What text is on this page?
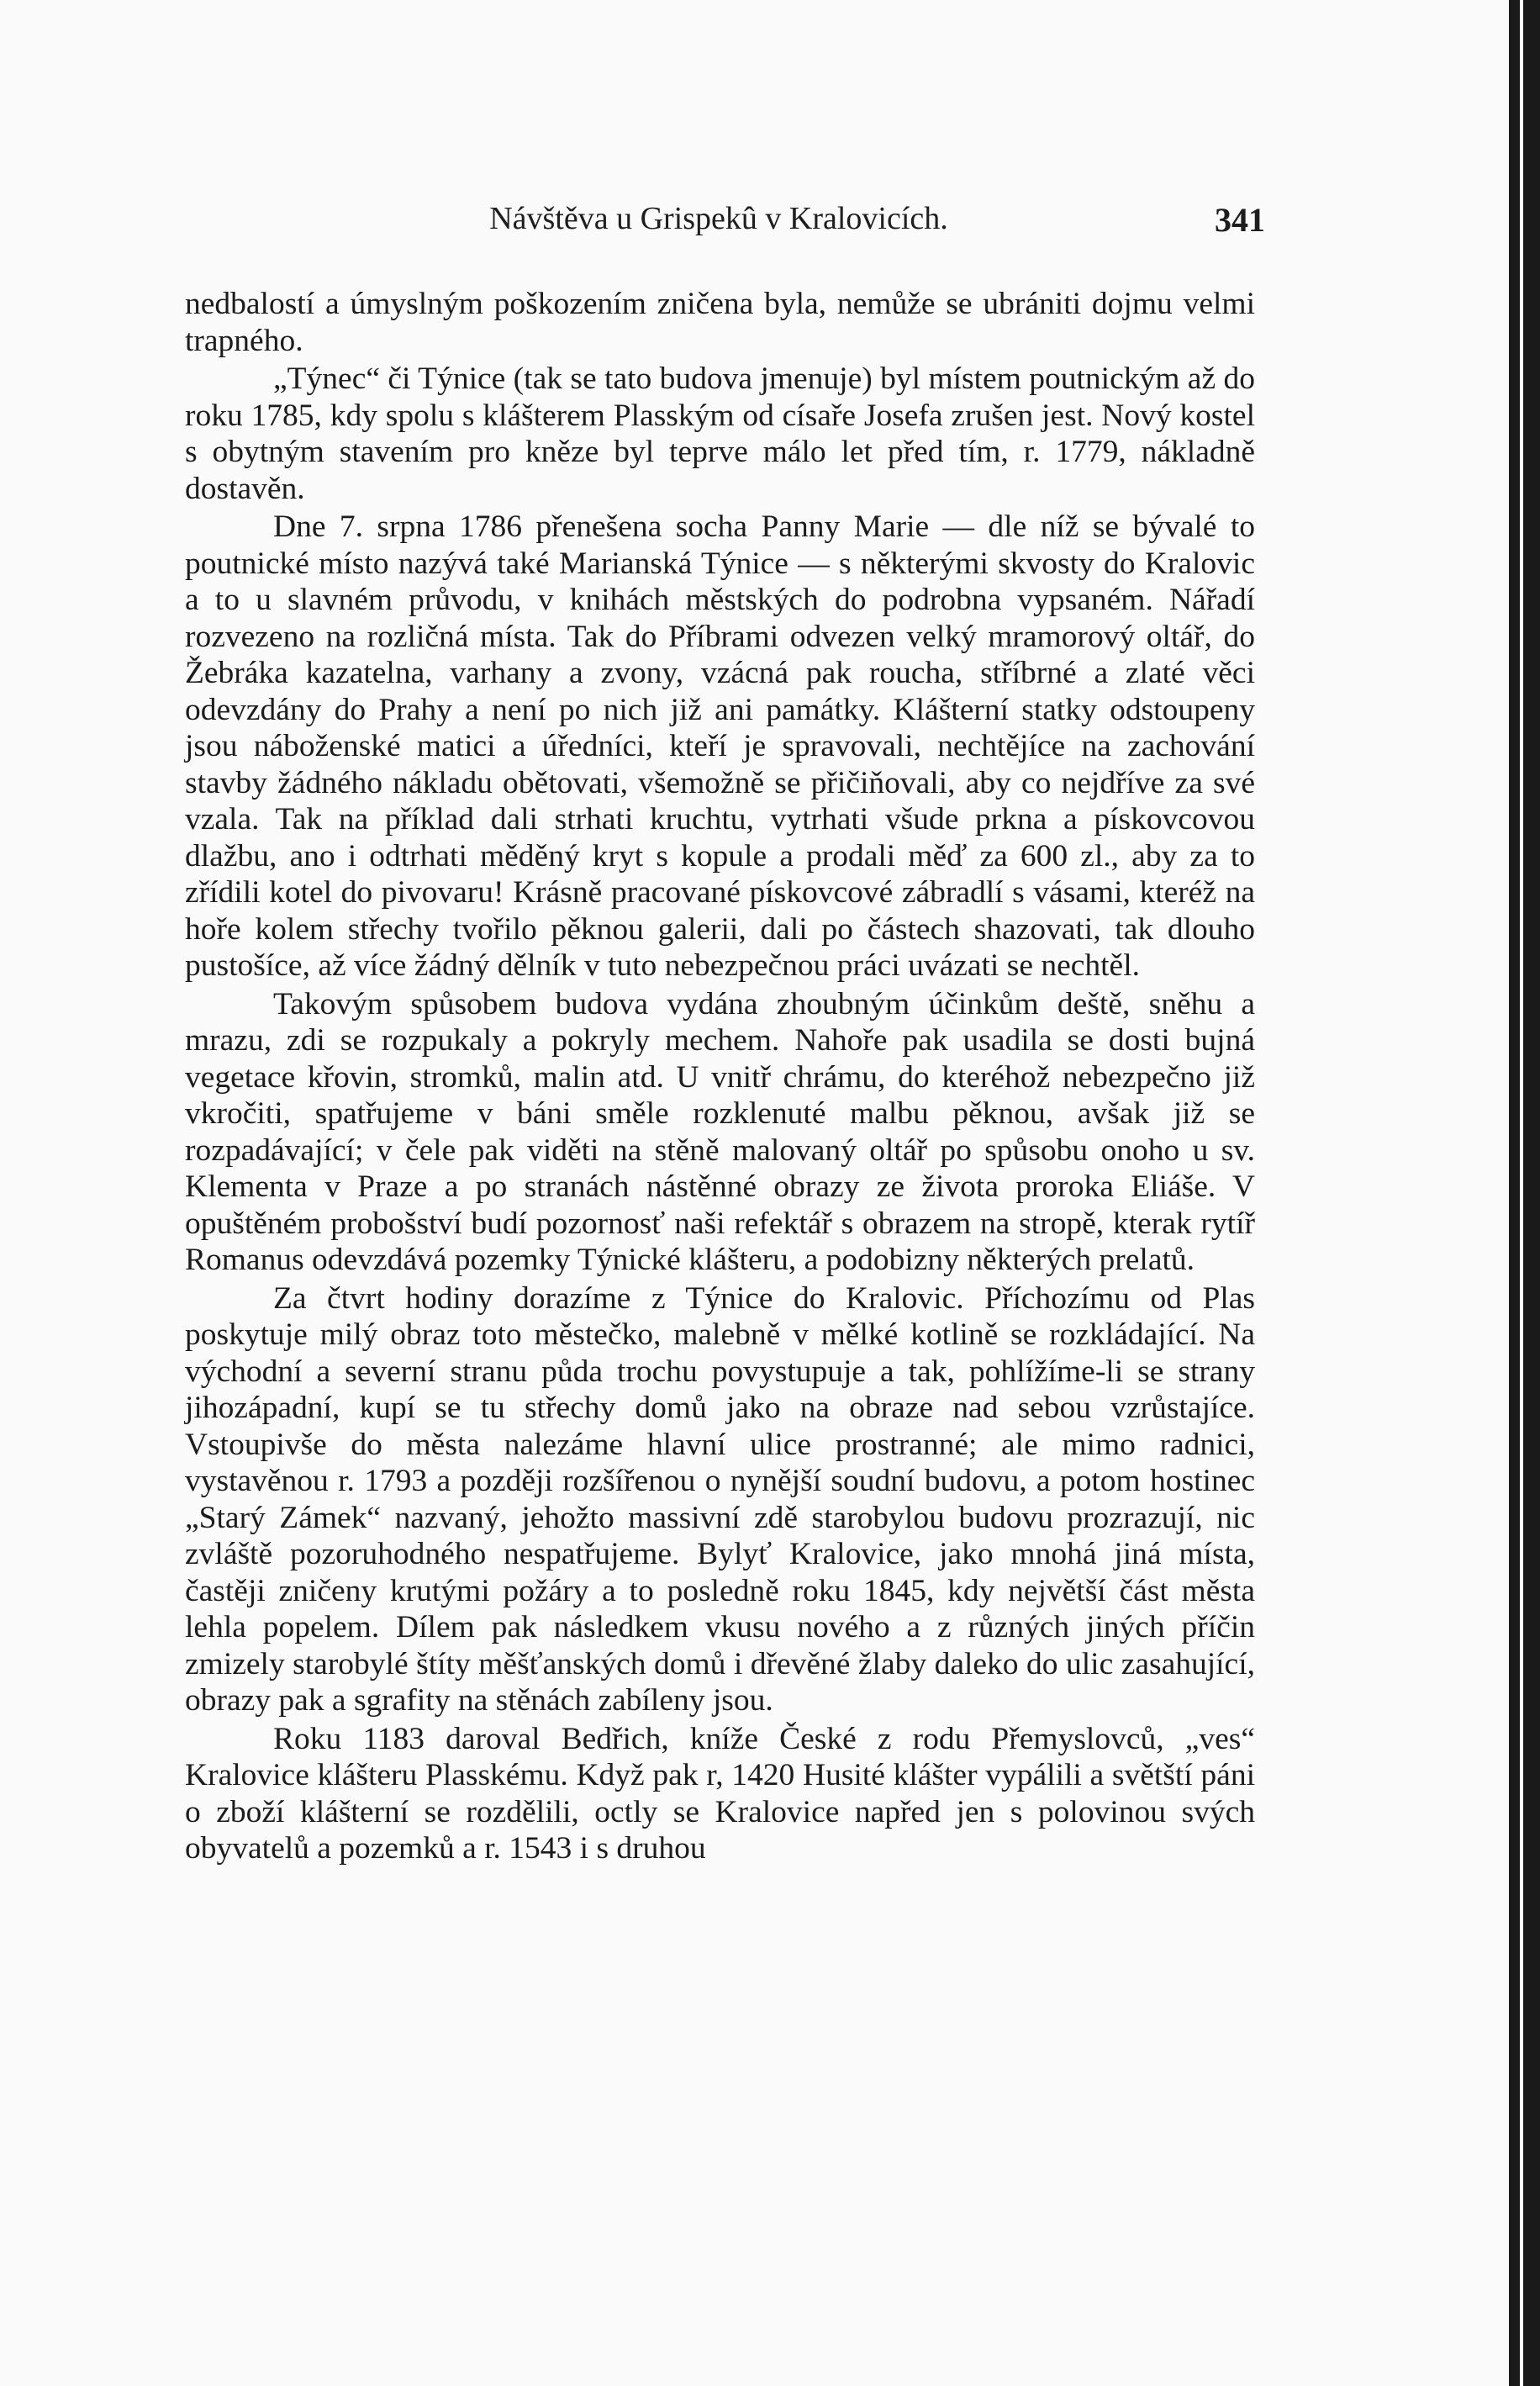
Návštěva u Grispekû v Kralovicích.	341

nedbalostí a úmyslným poškozením zničena byla, nemůže se ubrániti dojmu velmi trapného.

„Týnec“ či Týnice (tak se tato budova jmenuje) byl místem poutnickým až do roku 1785, kdy spolu s klášterem Plasským od císaře Josefa zrušen jest. Nový kostel s obytným stavením pro kněze byl teprve málo let před tím, r. 1779, nákladně dostavěn.

Dne 7. srpna 1786 přenešena socha Panny Marie — dle níž se bývalé to poutnické místo nazývá také Marianská Týnice — s některými skvosty do Kralovic a to u slavném průvodu, v knihách městských do podrobna vypsaném. Nářadí rozvezeno na rozličná místa. Tak do Příbrami odvezen velký mramorový oltář, do Žebráka kazatelna, varhany a zvony, vzácná pak roucha, stříbrné a zlaté věci odevzdány do Prahy a není po nich již ani památky. Klášterní statky odstoupeny jsou náboženské matici a úředníci, kteří je spravovali, nechtějíce na zachování stavby žádného nákladu obětovati, všemožně se přičiňovali, aby co nejdříve za své vzala. Tak na příklad dali strhati kruchtu, vytrhati všude prkna a pískovcovou dlažbu, ano i odtrhati měděný kryt s kopule a prodali měď za 600 zl., aby za to zřídili kotel do pivovaru! Krásně pracované pískovcové zábradlí s vásami, kteréž na hoře kolem střechy tvořilo pěknou galerii, dali po částech shazovati, tak dlouho pustošíce, až více žádný dělník v tuto nebezpečnou práci uvázati se nechtěl.

Takovým spůsobem budova vydána zhoubným účinkům deště, sněhu a mrazu, zdi se rozpukaly a pokryly mechem. Nahoře pak usadila se dosti bujná vegetace křovin, stromků, malin atd. U vnitř chrámu, do kteréhož nebezpečno již vkročiti, spatřujeme v báni směle rozklenuté malbu pěknou, avšak již se rozpadávající; v čele pak viděti na stěně malovaný oltář po spůsobu onoho u sv. Klementa v Praze a po stranách nástěnné obrazy ze života proroka Eliáše. V opuštěném probošství budí pozornosť naši refektář s obrazem na stropě, kterak rytíř Romanus odevzdává pozemky Týnické klášteru, a podobizny některých prelatů.

Za čtvrt hodiny dorazíme z Týnice do Kralovic. Příchozímu od Plas poskytuje milý obraz toto městečko, malebně v mělké kotlině se rozkládající. Na východní a severní stranu půda trochu povystupuje a tak, pohlížíme-li se strany jihozápadní, kupí se tu střechy domů jako na obraze nad sebou vzrůstajíce. Vstoupivše do města nalezáme hlavní ulice prostranné; ale mimo radnici, vystavěnou r. 1793 a později rozšířenou o nynější soudní budovu, a potom hostinec „Starý Zámek“ nazvaný, jehožto massivní zdě starobylou budovu prozrazují, nic zvláště pozoruhodného nespatřujeme. Bylyť Kralovice, jako mnohá jiná místa, častěji zničeny krutými požáry a to posledně roku 1845, kdy největší část města lehla popelem. Dílem pak následkem vkusu nového a z různých jiných příčin zmizely starobylé štíty měšťanských domů i dřevěné žlaby daleko do ulic zasahující, obrazy pak a sgrafity na stěnách zabíleny jsou.

Roku 1183 daroval Bedřich, kníže České z rodu Přemyslovců, „ves“ Kralovice klášteru Plasskému. Když pak r, 1420 Husité klášter vypálili a světští páni o zboží klášterní se rozdělili, octly se Kralovice napřed jen s polovinou svých obyvatelů a pozemků a r. 1543 i s druhou
